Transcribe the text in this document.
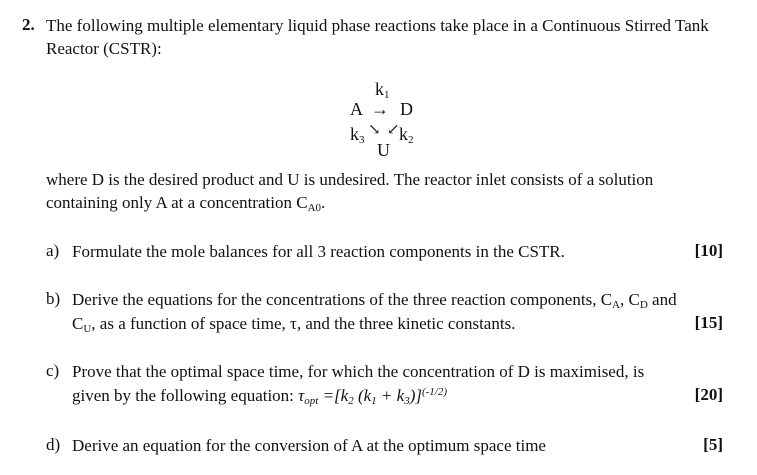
2. The following multiple elementary liquid phase reactions take place in a Continuous Stirred Tank Reactor (CSTR):
$k_1$
A → D
$k_3$
↘ ↙ $k_2$
U
where D is the desired product and U is undesired. The reactor inlet consists of a solution
containing only A at a concentration $C_{A0}$.
a) Formulate the mole balances for all 3 reaction components in the CSTR.	[10]
b) Derive the equations for the concentrations of the three reaction components, $C_A$, $C_D$ and
$C_U$, as a function of space time, τ, and the three kinetic constants.	[15]
c) Prove that the optimal space time, for which the concentration of D is maximised, is
given by the following equation: $\tau_{opt} =[k_2$ $(k_1 + k_3)]^{(-1/2)}$	[20]
d) Derive an equation for the conversion of A at the optimum space time	[5]
